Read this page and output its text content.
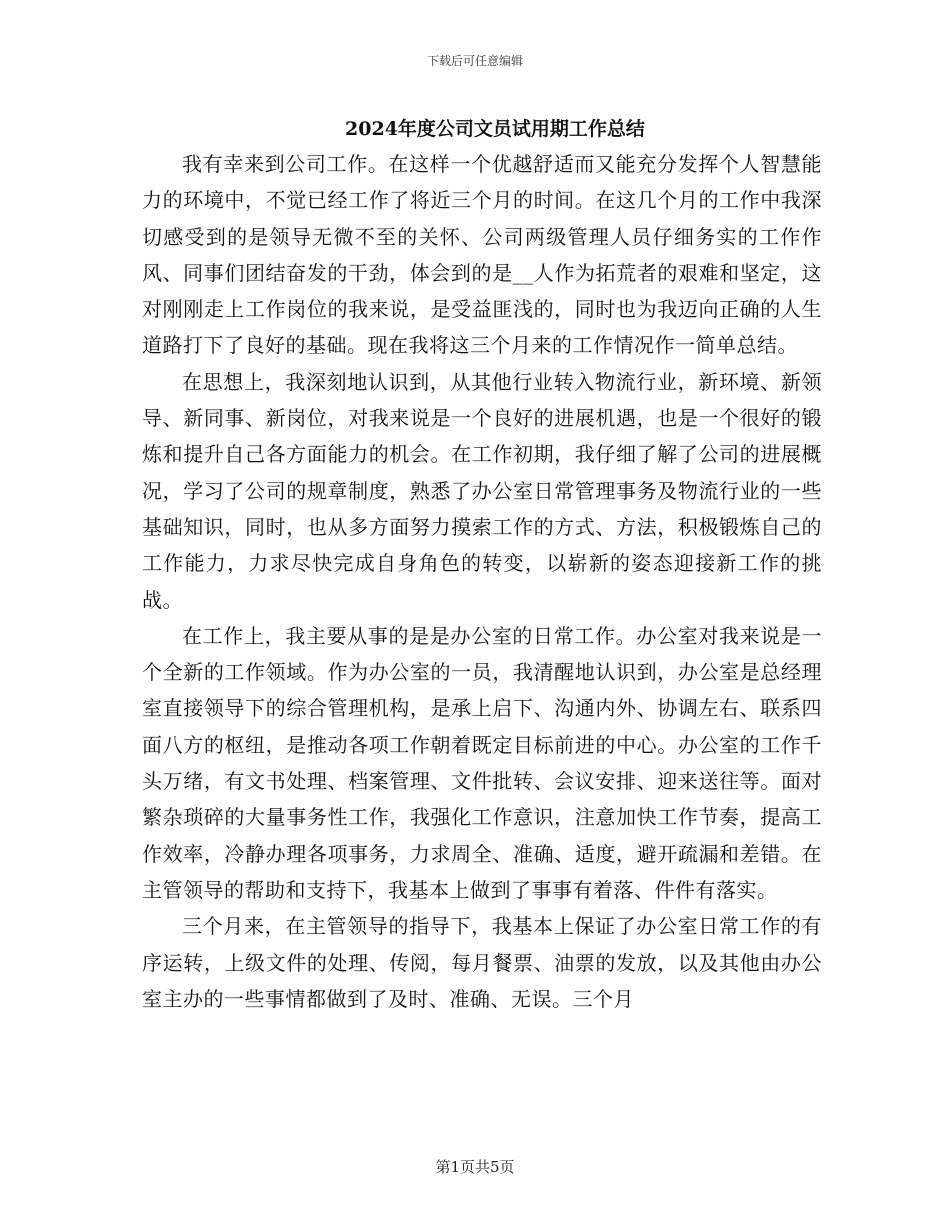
下载后可任意编辑
2024年度公司文员试用期工作总结

我有幸来到公司工作。在这样一个优越舒适而又能充分发挥个人智慧能力的环境中，不觉已经工作了将近三个月的时间。在这几个月的工作中我深切感受到的是领导无微不至的关怀、公司两级管理人员仔细务实的工作作风、同事们团结奋发的干劲，体会到的是__人作为拓荒者的艰难和坚定，这对刚刚走上工作岗位的我来说，是受益匪浅的，同时也为我迈向正确的人生道路打下了良好的基础。现在我将这三个月来的工作情况作一简单总结。

在思想上，我深刻地认识到，从其他行业转入物流行业，新环境、新领导、新同事、新岗位，对我来说是一个良好的进展机遇，也是一个很好的锻炼和提升自己各方面能力的机会。在工作初期，我仔细了解了公司的进展概况，学习了公司的规章制度，熟悉了办公室日常管理事务及物流行业的一些基础知识，同时，也从多方面努力摸索工作的方式、方法，积极锻炼自己的工作能力，力求尽快完成自身角色的转变，以崭新的姿态迎接新工作的挑战。

在工作上，我主要从事的是是办公室的日常工作。办公室对我来说是一个全新的工作领域。作为办公室的一员，我清醒地认识到，办公室是总经理室直接领导下的综合管理机构，是承上启下、沟通内外、协调左右、联系四面八方的枢纽，是推动各项工作朝着既定目标前进的中心。办公室的工作千头万绪，有文书处理、档案管理、文件批转、会议安排、迎来送往等。面对繁杂琐碎的大量事务性工作，我强化工作意识，注意加快工作节奏，提高工作效率，冷静办理各项事务，力求周全、准确、适度，避开疏漏和差错。在主管领导的帮助和支持下，我基本上做到了事事有着落、件件有落实。

三个月来，在主管领导的指导下，我基本上保证了办公室日常工作的有序运转，上级文件的处理、传阅，每月餐票、油票的发放，以及其他由办公室主办的一些事情都做到了及时、准确、无误。三个月

第1页共5页
